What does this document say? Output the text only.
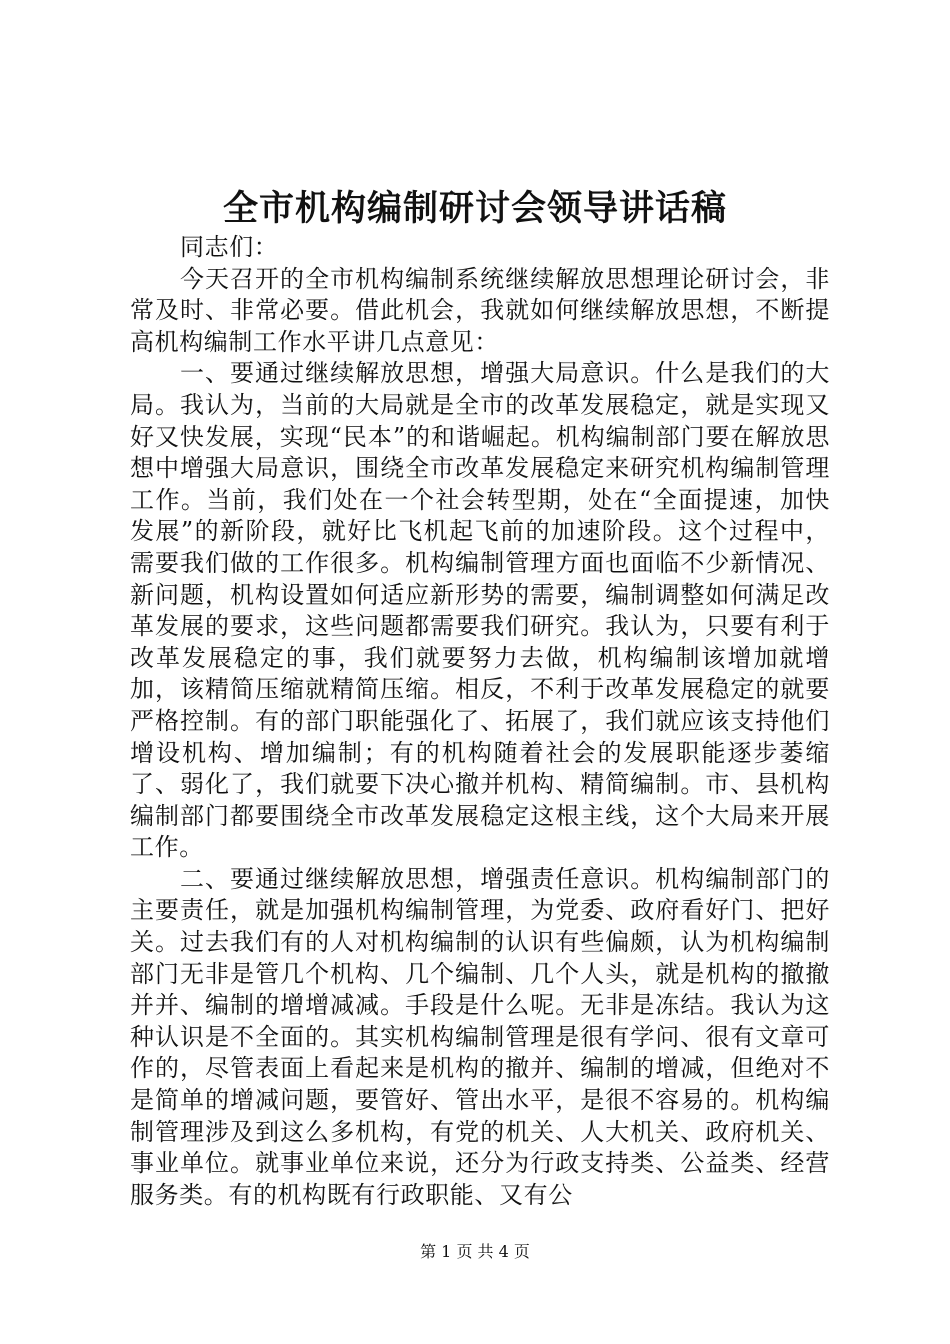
全市机构编制研讨会领导讲话稿

同志们：

今天召开的全市机构编制系统继续解放思想理论研讨会，非常及时、非常必要。借此机会，我就如何继续解放思想，不断提高机构编制工作水平讲几点意见：

一、要通过继续解放思想，增强大局意识。什么是我们的大局。我认为，当前的大局就是全市的改革发展稳定，就是实现又好又快发展，实现“民本”的和谐崛起。机构编制部门要在解放思想中增强大局意识，围绕全市改革发展稳定来研究机构编制管理工作。当前，我们处在一个社会转型期，处在“全面提速，加快发展”的新阶段，就好比飞机起飞前的加速阶段。这个过程中，需要我们做的工作很多。机构编制管理方面也面临不少新情况、新问题，机构设置如何适应新形势的需要，编制调整如何满足改革发展的要求，这些问题都需要我们研究。我认为，只要有利于改革发展稳定的事，我们就要努力去做，机构编制该增加就增加，该精简压缩就精简压缩。相反，不利于改革发展稳定的就要严格控制。有的部门职能强化了、拓展了，我们就应该支持他们增设机构、增加编制；有的机构随着社会的发展职能逐步萎缩了、弱化了，我们就要下决心撤并机构、精简编制。市、县机构编制部门都要围绕全市改革发展稳定这根主线，这个大局来开展工作。

二、要通过继续解放思想，增强责任意识。机构编制部门的主要责任，就是加强机构编制管理，为党委、政府看好门、把好关。过去我们有的人对机构编制的认识有些偏颇，认为机构编制部门无非是管几个机构、几个编制、几个人头，就是机构的撤撤并并、编制的增增减减。手段是什么呢。无非是冻结。我认为这种认识是不全面的。其实机构编制管理是很有学问、很有文章可作的，尽管表面上看起来是机构的撤并、编制的增减，但绝对不是简单的增减问题，要管好、管出水平，是很不容易的。机构编制管理涉及到这么多机构，有党的机关、人大机关、政府机关、事业单位。就事业单位来说，还分为行政支持类、公益类、经营服务类。有的机构既有行政职能、又有公

第 1 页 共 4 页
